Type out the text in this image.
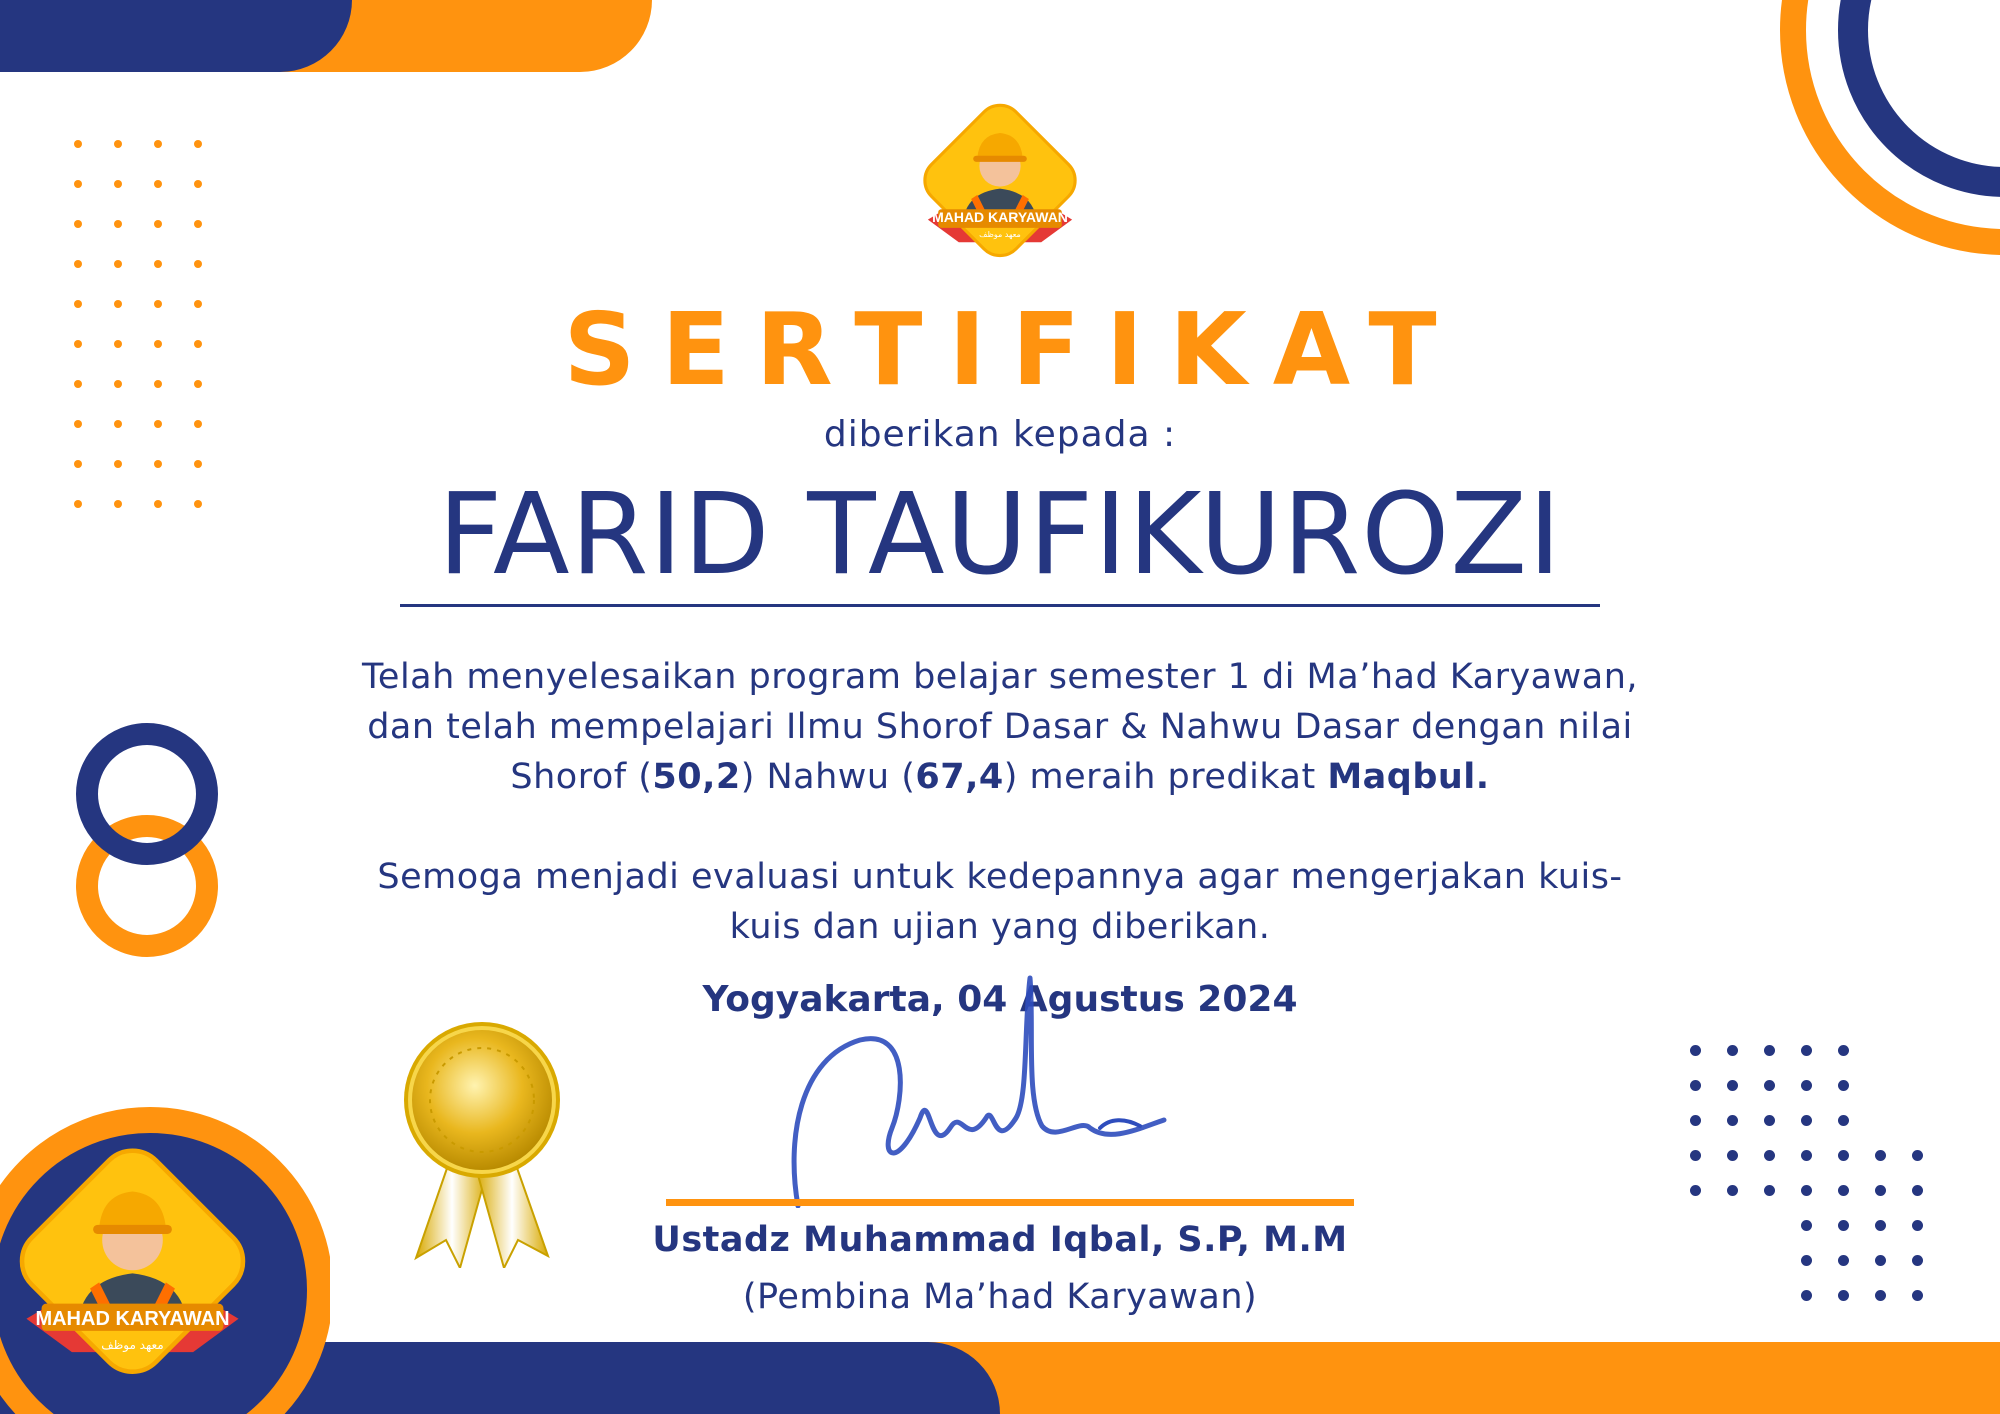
MAHAD KARYAWAN
معهد موظف
MAHAD KARYAWAN
معهد موظف
SERTIFIKAT
diberikan kepada :
FARID TAUFIKUROZI
Telah menyelesaikan program belajar semester 1 di Ma’had Karyawan,
dan telah mempelajari Ilmu Shorof Dasar & Nahwu Dasar dengan nilai
Shorof (50,2) Nahwu (67,4) meraih predikat Maqbul.
Semoga menjadi evaluasi untuk kedepannya agar mengerjakan kuis-
kuis dan ujian yang diberikan.
Yogyakarta, 04 Agustus 2024
Ustadz Muhammad Iqbal, S.P, M.M
(Pembina Ma’had Karyawan)
